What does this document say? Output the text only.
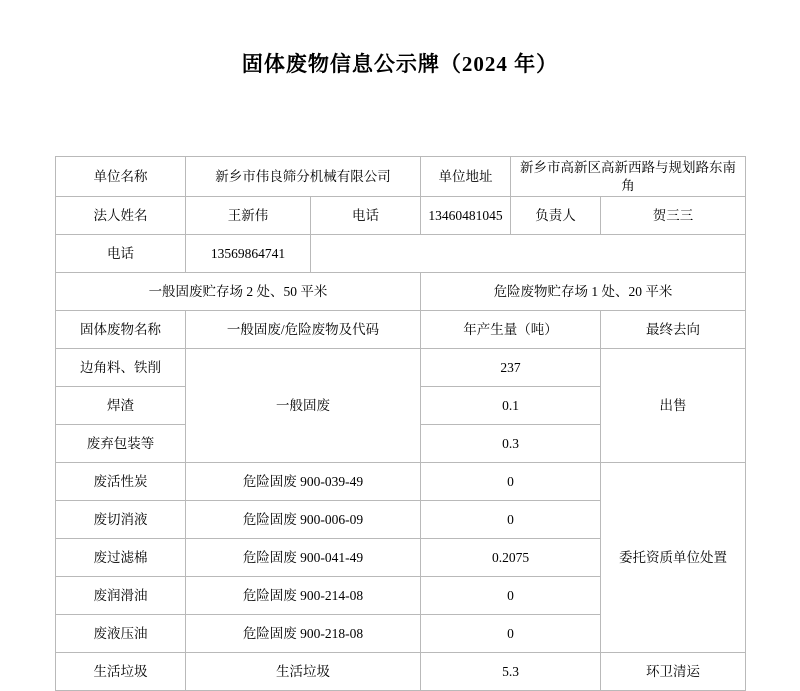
固体废物信息公示牌（2024 年）
单位名称	新乡市伟良筛分机械有限公司		单位地址	新乡市高新区高新西路与规划路东南角	
法人姓名	王新伟	电话	13460481045	负责人	贺三三
电话	13569864741				
一般固废贮存场 2 处、50 平米			危险废物贮存场 1 处、20 平米		
固体废物名称	一般固废/危险废物及代码		年产生量（吨）		最终去向
边角料、铁削	一般固废		237		出售
焊渣			0.1		
废弃包装等			0.3		
废活性炭	危险固废 900-039-49		0		委托资质单位处置
废切消液	危险固废 900-006-09		0		
废过滤棉	危险固废 900-041-49		0.2075		
废润滑油	危险固废 900-214-08		0		
废液压油	危险固废 900-218-08		0		
生活垃圾	生活垃圾		5.3		环卫清运
